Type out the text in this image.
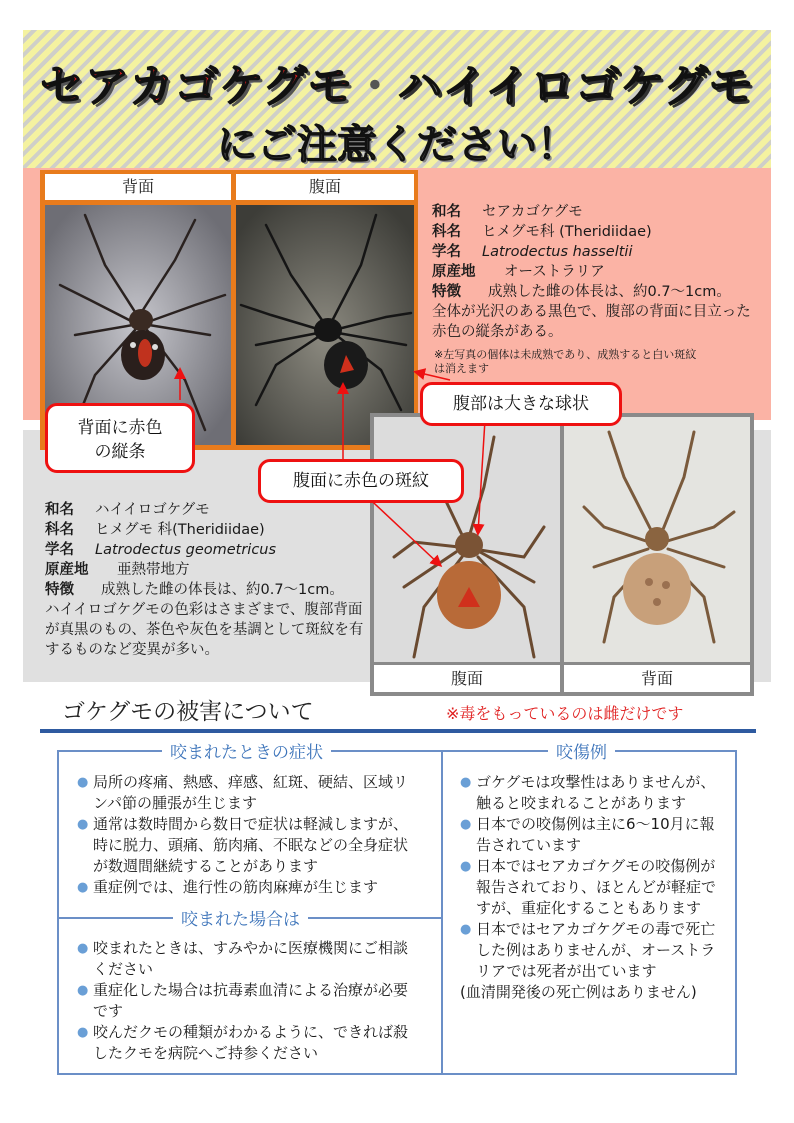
セアカゴケグモ・ハイイロゴケグモ
にご注意ください！
背面	腹面
和名 セアカゴケグモ
科名 ヒメグモ科 (Theridiidae)
学名 Latrodectus hasseltii
原産地 オーストラリア
特徴 成熟した雌の体長は、約0.7～1cm。
全体が光沢のある黒色で、腹部の背面に目立った赤色の縦条がある。
※左写真の個体は未成熟であり、成熟すると白い斑紋は消えます
腹面	背面
和名 ハイイロゴケグモ
科名 ヒメグモ 科(Theridiidae)
学名 Latrodectus geometricus
原産地 亜熱帯地方
特徴 成熟した雌の体長は、約0.7～1cm。
ハイイロゴケグモの色彩はさまざまで、腹部背面が真黒のもの、茶色や灰色を基調として斑紋を有するものなど変異が多い。
背面に赤色
の縦条
腹面に赤色の斑紋
腹部は大きな球状
ゴケグモの被害について	※毒をもっているのは雌だけです
咬まれたときの症状	咬傷例
咬まれた場合は
● 局所の疼痛、熱感、痒感、紅斑、硬結、区域リンパ節の腫張が生じます
● 通常は数時間から数日で症状は軽減しますが、時に脱力、頭痛、筋肉痛、不眠などの全身症状が数週間継続することがあります
● 重症例では、進行性の筋肉麻痺が生じます
● 咬まれたときは、すみやかに医療機関にご相談ください
● 重症化した場合は抗毒素血清による治療が必要です
● 咬んだクモの種類がわかるように、できれば殺したクモを病院へご持参ください
● ゴケグモは攻撃性はありませんが、触ると咬まれることがあります
● 日本での咬傷例は主に6～10月に報告されています
● 日本ではセアカゴケグモの咬傷例が報告されており、ほとんどが軽症ですが、重症化することもあります
● 日本ではセアカゴケグモの毒で死亡した例はありませんが、オーストラリアでは死者が出ています
(血清開発後の死亡例はありません)
